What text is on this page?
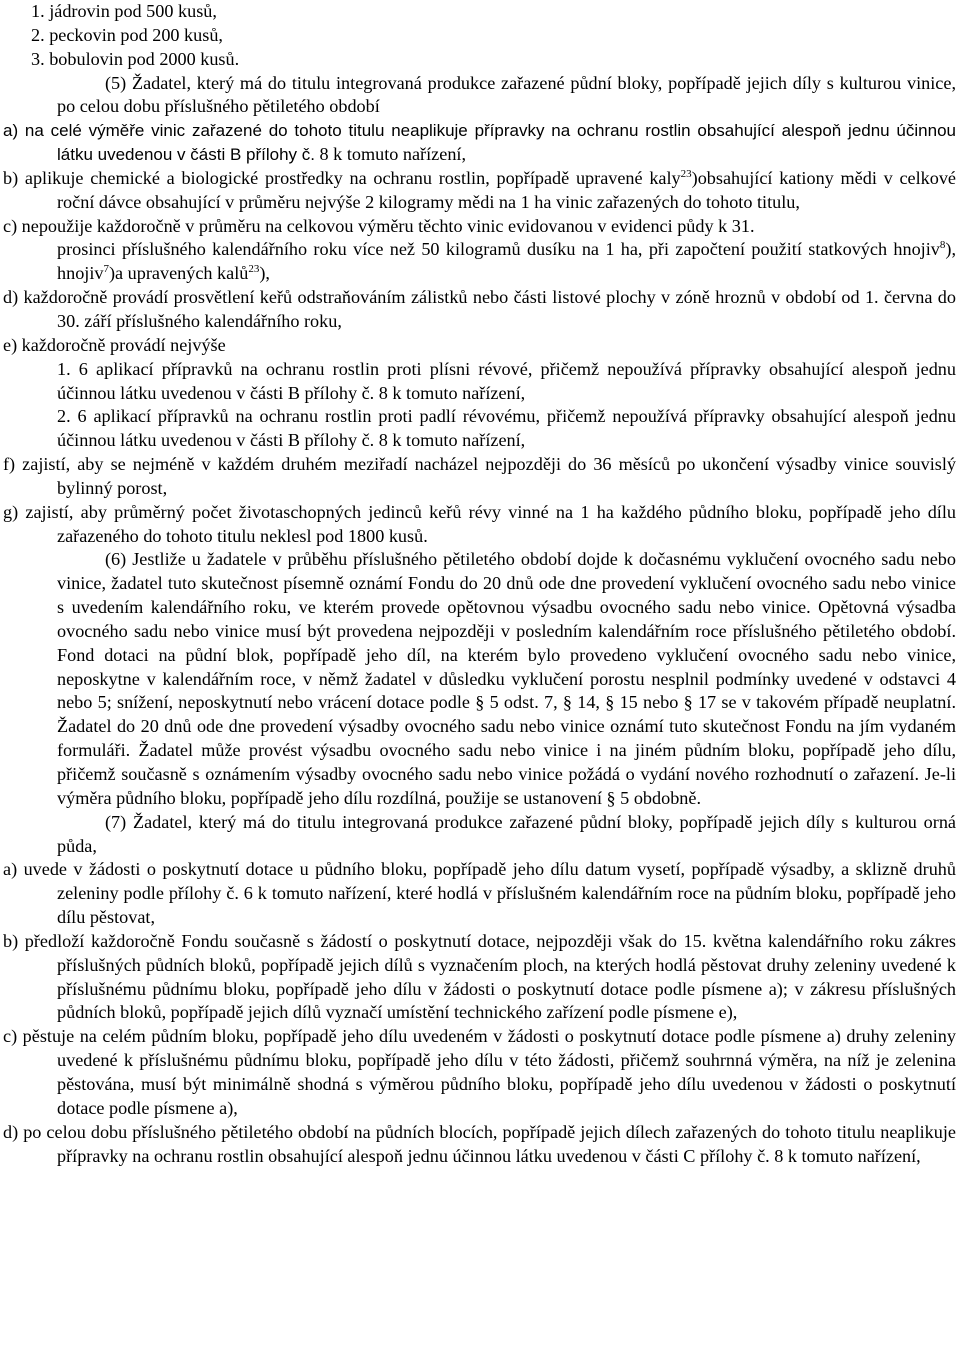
1. jádrovin pod 500 kusů,

2. peckovin pod 200 kusů,

3. bobulovin pod 2000 kusů.

(5) Žadatel, který má do titulu integrovaná produkce zařazené půdní bloky, popřípadě jejich díly s kulturou vinice, po celou dobu příslušného pětiletého období

a) na celé výměře vinic zařazené do tohoto titulu neaplikuje přípravky na ochranu rostlin obsahující alespoň jednu účinnou látku uvedenou v části B přílohy č. 8 k tomuto nařízení,

b) aplikuje chemické a biologické prostředky na ochranu rostlin, popřípadě upravené kaly$^{23}$)obsahující kationy mědi v celkové roční dávce obsahující v průměru nejvýše 2 kilogramy mědi na 1 ha vinic zařazených do tohoto titulu,

c) nepoužije každoročně v průměru na celkovou výměru těchto vinic evidovanou v evidenci půdy k 31.

prosinci příslušného kalendářního roku více než 50 kilogramů dusíku na 1 ha, při započtení použití statkových hnojiv$^8$), hnojiv$^7$)a upravených kalů$^{23}$),

d) každoročně provádí prosvětlení keřů odstraňováním zálistků nebo části listové plochy v zóně hroznů v období od 1. června do 30. září příslušného kalendářního roku,

e) každoročně provádí nejvýše

1. 6 aplikací přípravků na ochranu rostlin proti plísni révové, přičemž nepoužívá přípravky obsahující alespoň jednu účinnou látku uvedenou v části B přílohy č. 8 k tomuto nařízení,

2. 6 aplikací přípravků na ochranu rostlin proti padlí révovému, přičemž nepoužívá přípravky obsahující alespoň jednu účinnou látku uvedenou v části B přílohy č. 8 k tomuto nařízení,

f) zajistí, aby se nejméně v každém druhém meziřadí nacházel nejpozději do 36 měsíců po ukončení výsadby vinice souvislý bylinný porost,

g) zajistí, aby průměrný počet životaschopných jedinců keřů révy vinné na 1 ha každého půdního bloku, popřípadě jeho dílu zařazeného do tohoto titulu neklesl pod 1800 kusů.

(6) Jestliže u žadatele v průběhu příslušného pětiletého období dojde k dočasnému vyklučení ovocného sadu nebo vinice, žadatel tuto skutečnost písemně oznámí Fondu do 20 dnů ode dne provedení vyklučení ovocného sadu nebo vinice s uvedením kalendářního roku, ve kterém provede opětovnou výsadbu ovocného sadu nebo vinice. Opětovná výsadba ovocného sadu nebo vinice musí být provedena nejpozději v posledním kalendářním roce příslušného pětiletého období. Fond dotaci na půdní blok, popřípadě jeho díl, na kterém bylo provedeno vyklučení ovocného sadu nebo vinice, neposkytne v kalendářním roce, v němž žadatel v důsledku vyklučení porostu nesplnil podmínky uvedené v odstavci 4 nebo 5; snížení, neposkytnutí nebo vrácení dotace podle § 5 odst. 7, § 14, § 15 nebo § 17 se v takovém případě neuplatní. Žadatel do 20 dnů ode dne provedení výsadby ovocného sadu nebo vinice oznámí tuto skutečnost Fondu na jím vydaném formuláři. Žadatel může provést výsadbu ovocného sadu nebo vinice i na jiném půdním bloku, popřípadě jeho dílu, přičemž současně s oznámením výsadby ovocného sadu nebo vinice požádá o vydání nového rozhodnutí o zařazení. Je-li výměra půdního bloku, popřípadě jeho dílu rozdílná, použije se ustanovení § 5 obdobně.

(7) Žadatel, který má do titulu integrovaná produkce zařazené půdní bloky, popřípadě jejich díly s kulturou orná půda,

a) uvede v žádosti o poskytnutí dotace u půdního bloku, popřípadě jeho dílu datum vysetí, popřípadě výsadby, a sklizně druhů zeleniny podle přílohy č. 6 k tomuto nařízení, které hodlá v příslušném kalendářním roce na půdním bloku, popřípadě jeho dílu pěstovat,

b) předloží každoročně Fondu současně s žádostí o poskytnutí dotace, nejpozději však do 15. května kalendářního roku zákres příslušných půdních bloků, popřípadě jejich dílů s vyznačením ploch, na kterých hodlá pěstovat druhy zeleniny uvedené k příslušnému půdnímu bloku, popřípadě jeho dílu v žádosti o poskytnutí dotace podle písmene a); v zákresu příslušných půdních bloků, popřípadě jejich dílů vyznačí umístění technického zařízení podle písmene e),

c) pěstuje na celém půdním bloku, popřípadě jeho dílu uvedeném v žádosti o poskytnutí dotace podle písmene a) druhy zeleniny uvedené k příslušnému půdnímu bloku, popřípadě jeho dílu v této žádosti, přičemž souhrnná výměra, na níž je zelenina pěstována, musí být minimálně shodná s výměrou půdního bloku, popřípadě jeho dílu uvedenou v žádosti o poskytnutí dotace podle písmene a),

d) po celou dobu příslušného pětiletého období na půdních blocích, popřípadě jejich dílech zařazených do tohoto titulu neaplikuje přípravky na ochranu rostlin obsahující alespoň jednu účinnou látku uvedenou v části C přílohy č. 8 k tomuto nařízení,
